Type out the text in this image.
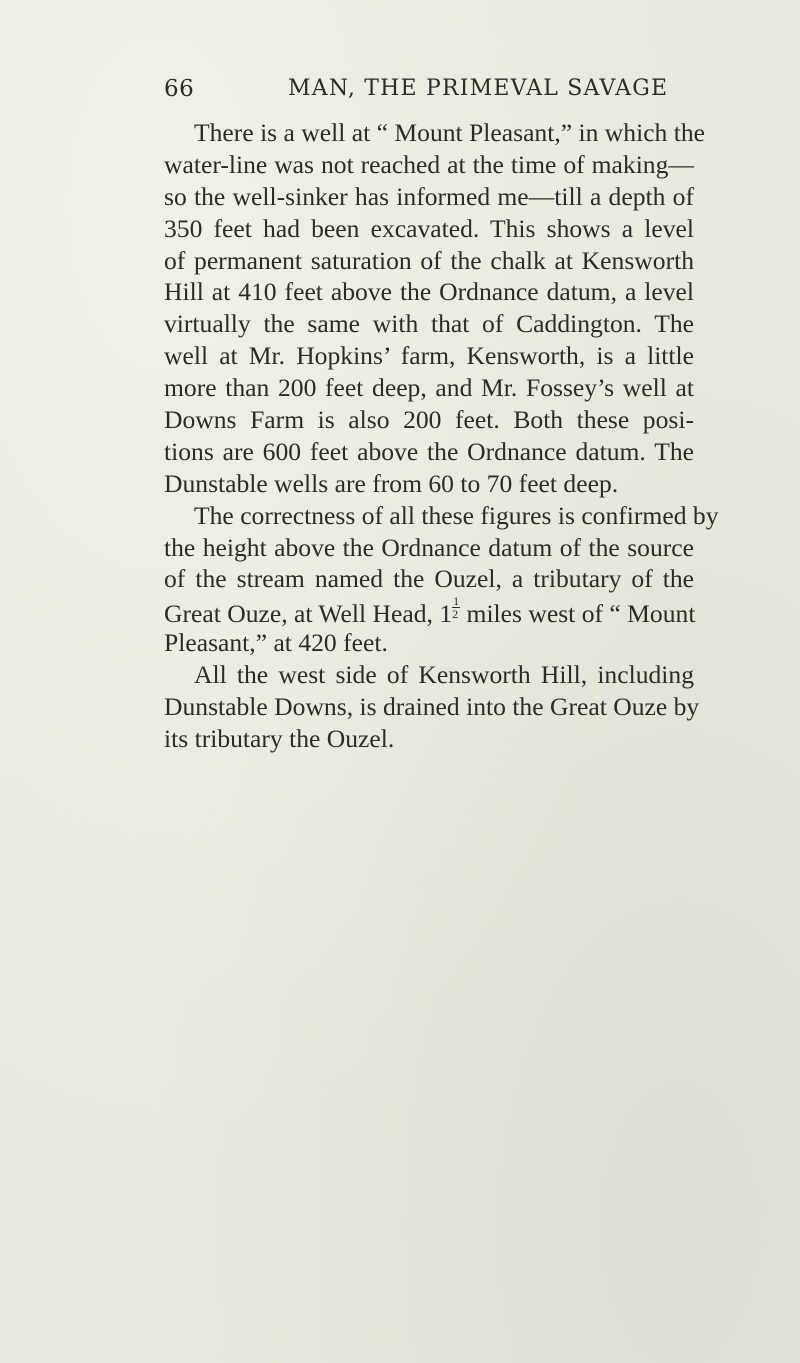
66	MAN, THE PRIMEVAL SAVAGE
There is a well at “ Mount Pleasant,” in which the
water-line was not reached at the time of making—
so the well-sinker has informed me—till a depth of
350 feet had been excavated. This shows a level
of permanent saturation of the chalk at Kensworth
Hill at 410 feet above the Ordnance datum, a level
virtually the same with that of Caddington. The
well at Mr. Hopkins’ farm, Kensworth, is a little
more than 200 feet deep, and Mr. Fossey’s well at
Downs Farm is also 200 feet. Both these posi-
tions are 600 feet above the Ordnance datum. The
Dunstable wells are from 60 to 70 feet deep.
The correctness of all these figures is confirmed by
the height above the Ordnance datum of the source
of the stream named the Ouzel, a tributary of the
Great Ouze, at Well Head, $1 \frac{1}{2}$ miles west of “ Mount
Pleasant,” at 420 feet.
All the west side of Kensworth Hill, including
Dunstable Downs, is drained into the Great Ouze by
its tributary the Ouzel.
